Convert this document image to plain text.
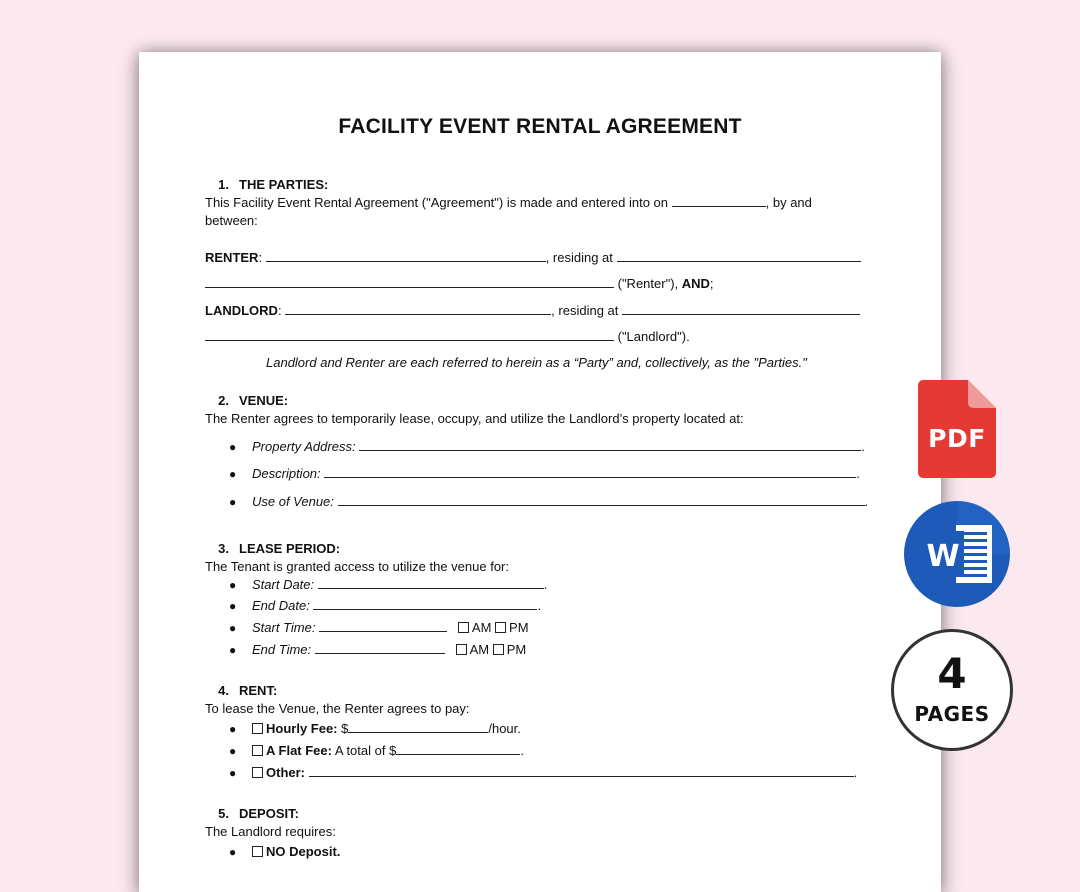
FACILITY EVENT RENTAL AGREEMENT
1. THE PARTIES:
This Facility Event Rental Agreement ("Agreement") is made and entered into on	, by and
between:
RENTER:	, residing at
("Renter"), AND;
LANDLORD:	, residing at
("Landlord").
Landlord and Renter are each referred to herein as a “Party” and, collectively, as the "Parties."
2. VENUE:
The Renter agrees to temporarily lease, occupy, and utilize the Landlord’s property located at:
● Property Address:	.
● Description:	.
● Use of Venue:	.
3. LEASE PERIOD:
The Tenant is granted access to utilize the venue for:
● Start Date:	.
● End Date:	.
● Start Time:	AM PM
● End Time:	AM PM
4. RENT:
To lease the Venue, the Renter agrees to pay:
●	Hourly Fee: $	/hour.
●	A Flat Fee: A total of $	.
●	Other:	.
5. DEPOSIT:
The Landlord requires:
●	NO Deposit.
PDF
W
4
PAGES
